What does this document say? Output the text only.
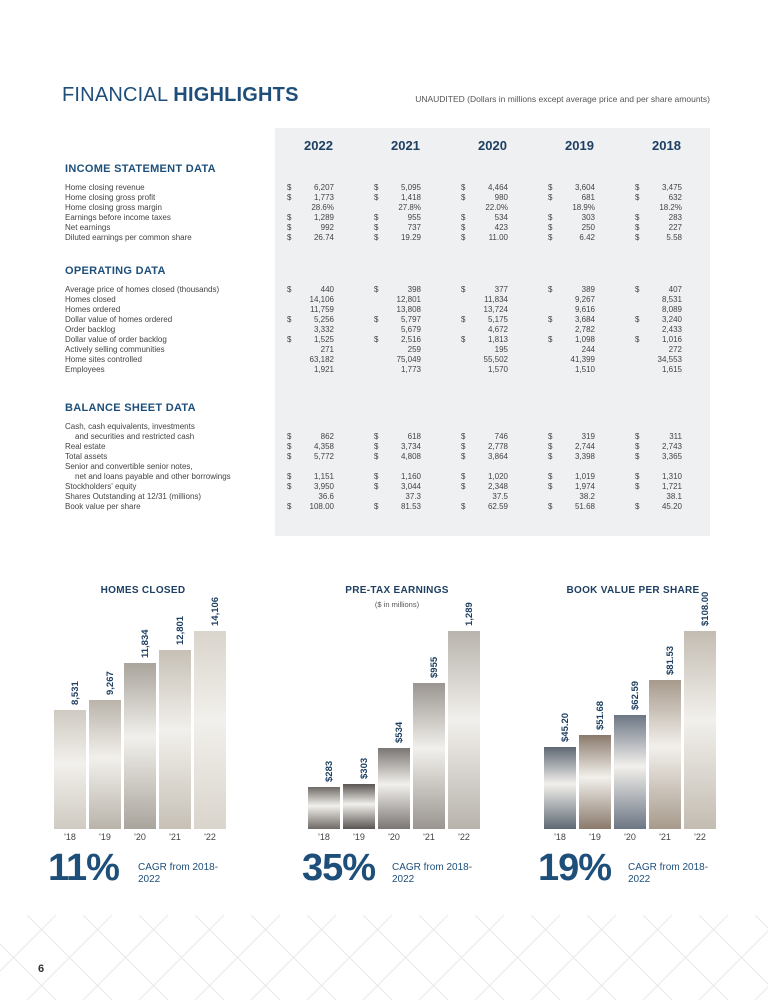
FINANCIAL HIGHLIGHTS	UNAUDITED (Dollars in millions except average price and per share amounts)
INCOME STATEMENT DATA
OPERATING DATA
BALANCE SHEET DATA
2022	2021	2020	2019	2018
Home closing revenue	$	6,207	$	5,095	$	4,464	$	3,604	$	3,475
Home closing gross profit	$	1,773	$	1,418	$	980	$	681	$	632
Home closing gross margin	28.6%	27.8%	22.0%	18.9%	18.2%
Earnings before income taxes	$	1,289	$	955	$	534	$	303	$	283
Net earnings	$	992	$	737	$	423	$	250	$	227
Diluted earnings per common share	$	26.74	$	19.29	$	11.00	$	6.42	$	5.58
Average price of homes closed (thousands)	$	440	$	398	$	377	$	389	$	407
Homes closed	14,106	12,801	11,834	9,267	8,531
Homes ordered	11,759	13,808	13,724	9,616	8,089
Dollar value of homes ordered	$	5,256	$	5,797	$	5,175	$	3,684	$	3,240
Order backlog	3,332	5,679	4,672	2,782	2,433
Dollar value of order backlog	$	1,525	$	2,516	$	1,813	$	1,098	$	1,016
Actively selling communities	271	259	195	244	272
Home sites controlled	63,182	75,049	55,502	41,399	34,553
Employees	1,921	1,773	1,570	1,510	1,615
Cash, cash equivalents, investments
and securities and restricted cash	$	862	$	618	$	746	$	319	$	311
Real estate	$	4,358	$	3,734	$	2,778	$	2,744	$	2,743
Total assets	$	5,772	$	4,808	$	3,864	$	3,398	$	3,365
Senior and convertible senior notes,
net and loans payable and other borrowings	$	1,151	$	1,160	$	1,020	$	1,019	$	1,310
Stockholders' equity	$	3,950	$	3,044	$	2,348	$	1,974	$	1,721
Shares Outstanding at 12/31 (millions)	36.6	37.3	37.5	38.2	38.1
Book value per share	$ 108.00	$	81.53	$	62.59	$	51.68	$	45.20
HOMES CLOSED
8,531	9,267
11,834	12,801
14,106
'18	'19	'20	'21	'22
11% CAGR from 2018-2022
PRE-TAX EARNINGS
($ in millions)
$283	$303
$534
$955
1,289
'18	'19	'20	'21	'22
35% CAGR from 2018-2022
BOOK VALUE PER SHARE
$45.20	$51.68
$62.59
$81.53
$108.00
'18	'19	'20	'21	'22
19% CAGR from 2018-2022
6
